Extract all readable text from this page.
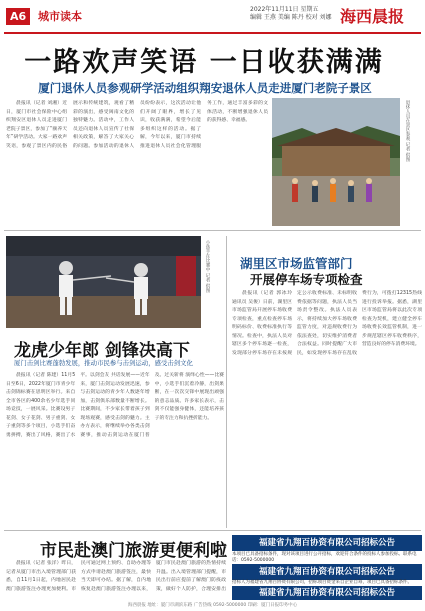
A6	城市读本
2022年11月11日 星期五
编辑 王燕 美编 陈丹 校对 刘娜 海西晨报
一路欢声笑语 一日收获满满
厦门退休人员参观研学活动组织翔安退休人员走进厦门老院子景区

晨报讯（记者 刘湘）近日，厦门市社会保险中心组织翔安区退休人员走进厦门老院子景区，参加了“颐养天年”研学活动。大家一路欢声笑语，参观了景区内的民俗展示和传统建筑，观看了精彩的演出，感受闽南文化的独特魅力。活动中，工作人员还向退休人员宣传了社保相关政策，解答了大家关心的问题。参加活动的退休人员纷纷表示，这次活动让他们开阔了眼界，增长了见识，收获满满，希望今后能多组织这样的活动。据了解，今年以来，厦门市持续推进退休人员社会化管理服务工作，通过丰富多彩的文体活动，不断增强退休人员的获得感、幸福感。	退休人员在景区参观 记者 供图
小选手在比赛中 记者 供图 湖里区市场监管部门
开展停车场专项检查

晨报讯（记者 郭冰玲 通讯员 吴俊）日前，湖里区市场监管局开展停车场收费专项检查，重点检查停车场明码标价、收费标准执行等情况。检查中，执法人员对辖区多个停车场逐一检查，发现部分停车场存在未按规定公示收费标准、未标明收费依据等问题，执法人员当场责令整改。执法人员表示，将持续加大停车场收费监管力度，对违规收费行为依法查处，切实维护消费者合法权益。同时提醒广大市民，如发现停车场存在乱收费行为，可拨打12315热线进行投诉举报。据悉，湖里区市场监管局将以此次专项检查为契机，建立健全停车场收费长效监管机制，进一步规范辖区停车收费秩序，营造良好的停车消费环境。

龙虎少年郎 剑锋决高下
厦门击剑比赛蓬勃发展，推动市民参与击剑运动，感受击剑文化

晨报讯（记者 陈建）11月5日至6日，2022年厦门市青少年击剑锦标赛在思明区举行。来自全市各区的400余名少年选手同场竞技，一展风采。比赛设男子花剑、女子花剑、男子重剑、女子重剑等多个项目，小选手们奋勇拼搏，赛出了风格，赛出了水平。以剑会友 共话发展——近年来，厦门击剑运动发展迅速，参与击剑运动的青少年人数逐年增加，击剑俱乐部数量不断增长。比赛期间，不少家长带着孩子到现场观赛，感受击剑的魅力。主办方表示，将继续举办各类击剑赛事，推动击剑运动在厦门普及。过关斩将 演绎心性——比赛中，小选手们沉着冷静，出剑果断，在一次次交锋中展现出顽强的意志品质。许多家长表示，击剑不仅能强身健体，还能培养孩子的专注力和抗挫折能力。

市民赴澳门旅游更便利啦

晨报讯（记者 张洋）昨日，记者从厦门市出入境管理部门获悉，自11月1日起，内地居民赴澳门旅游签注办理更加便利。市民可通过网上预约、自助办理等方式申请赴澳门旅游签注，最快当天即可办结。据了解，自内地恢复赴澳门旅游签注办理以来，厦门市民赴澳门旅游的热情持续升温。出入境管理部门提醒，市民出行前应提前了解澳门防疫政策，做好个人防护，合理安排出

福建省九翔百协资有限公司招标公告
本项目已具备招标条件，现对该项目进行公开招标，欢迎符合条件的投标人参加投标。联系电话：0592-5000000
福建省九翔百协资有限公司招标公告
招标人为福建省九翔百协资有限公司，招标项目资金来自企业自筹，项目已具备招标条件。
福建省九翔百协资有限公司招标公告
海西晨报 地址：厦门市湖滨东路 广告热线 0592-5000000 印刷：厦门日报印务中心
